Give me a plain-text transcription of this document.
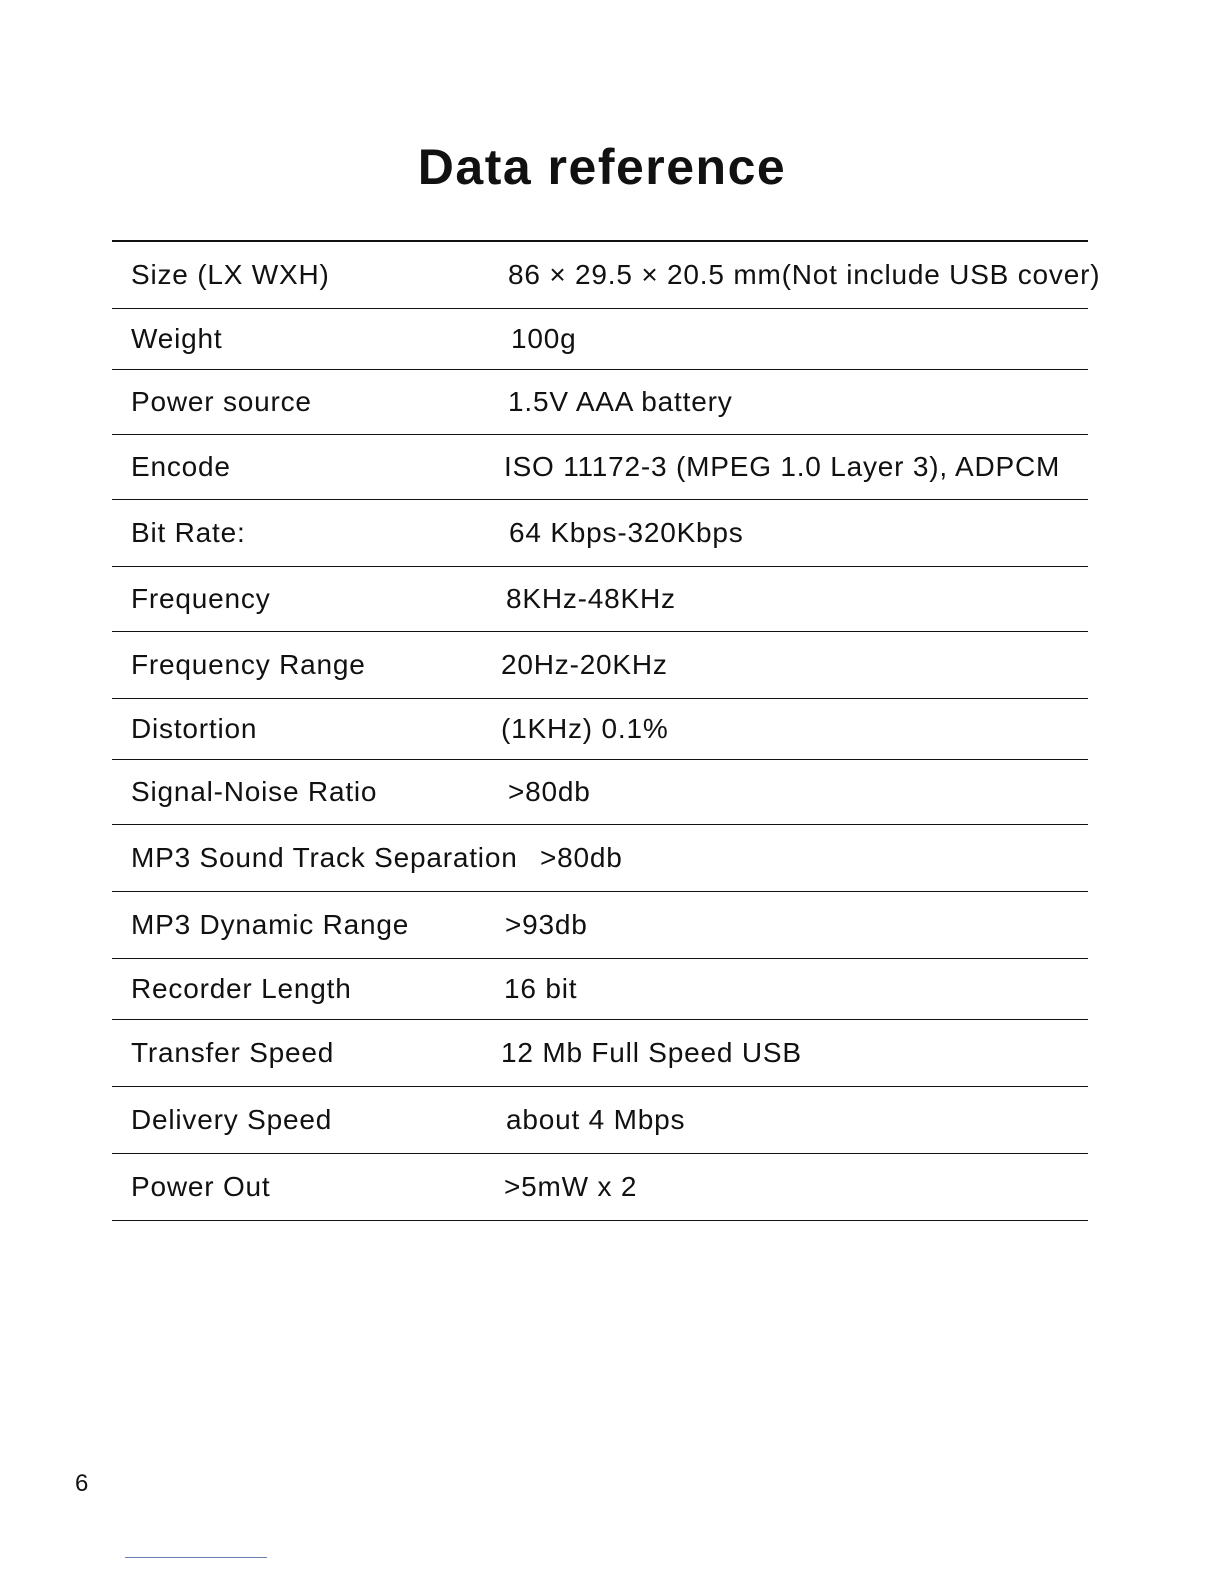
Data reference
Size (LX WXH)	86 × 29.5 × 20.5 mm(Not include USB cover)
Weight	100g
Power source	1.5V AAA battery
Encode	ISO 11172-3 (MPEG 1.0 Layer 3), ADPCM
Bit Rate:	64 Kbps-320Kbps
Frequency	8KHz-48KHz
Frequency Range	20Hz-20KHz
Distortion	(1KHz) 0.1%
Signal-Noise Ratio	>80db
MP3 Sound Track Separation >80db
MP3 Dynamic Range	>93db
Recorder Length	16 bit
Transfer Speed	12 Mb Full Speed USB
Delivery Speed	about 4 Mbps
Power Out	>5mW x 2
6
